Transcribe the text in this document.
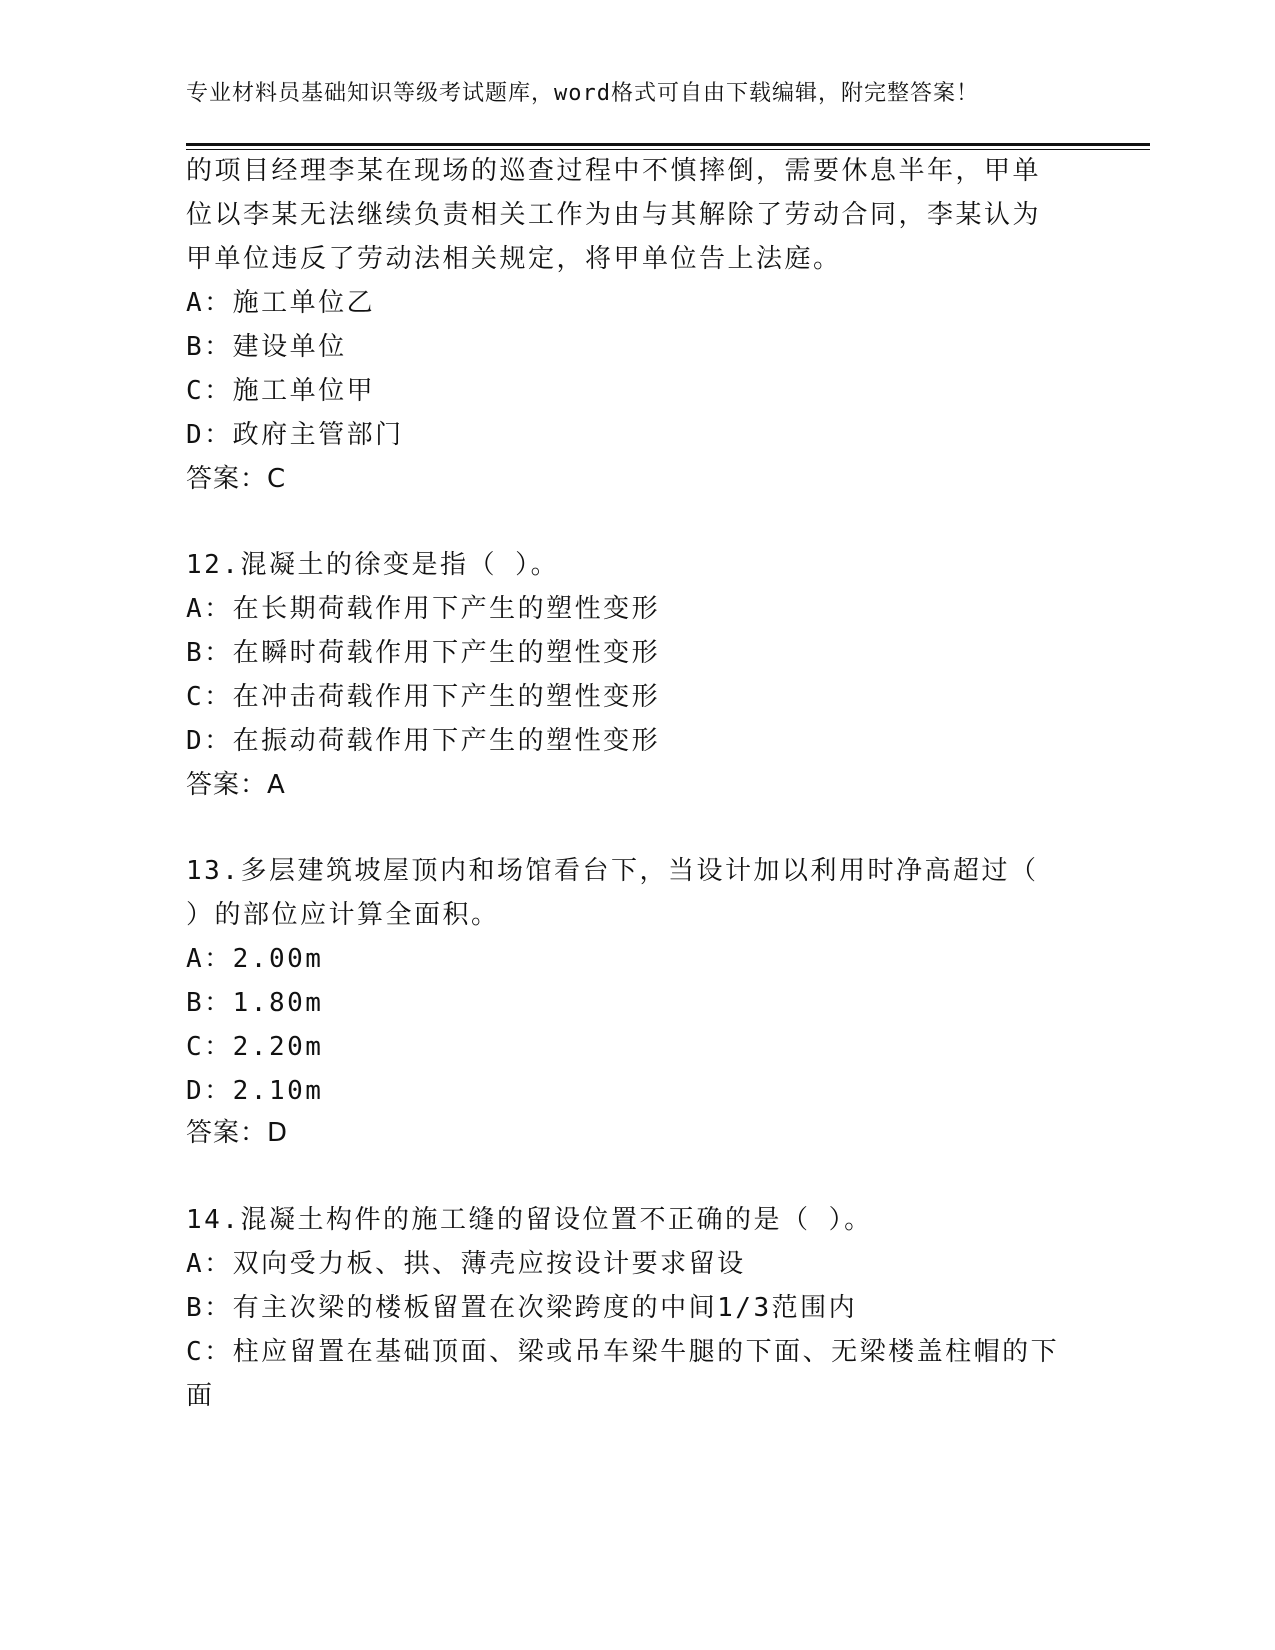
专业材料员基础知识等级考试题库，word格式可自由下载编辑，附完整答案！
的项目经理李某在现场的巡查过程中不慎摔倒，需要休息半年，甲单
位以李某无法继续负责相关工作为由与其解除了劳动合同，李某认为
甲单位违反了劳动法相关规定，将甲单位告上法庭。
A：施工单位乙
B：建设单位
C：施工单位甲
D：政府主管部门
答案：C
12.混凝土的徐变是指（ ）。
A：在长期荷载作用下产生的塑性变形
B：在瞬时荷载作用下产生的塑性变形
C：在冲击荷载作用下产生的塑性变形
D：在振动荷载作用下产生的塑性变形
答案：A
13.多层建筑坡屋顶内和场馆看台下，当设计加以利用时净高超过（
）的部位应计算全面积。
A：2.00m
B：1.80m
C：2.20m
D：2.10m
答案：D
14.混凝土构件的施工缝的留设位置不正确的是（ ）。
A：双向受力板、拱、薄壳应按设计要求留设
B：有主次梁的楼板留置在次梁跨度的中间1/3范围内
C：柱应留置在基础顶面、梁或吊车梁牛腿的下面、无梁楼盖柱帽的下
面
